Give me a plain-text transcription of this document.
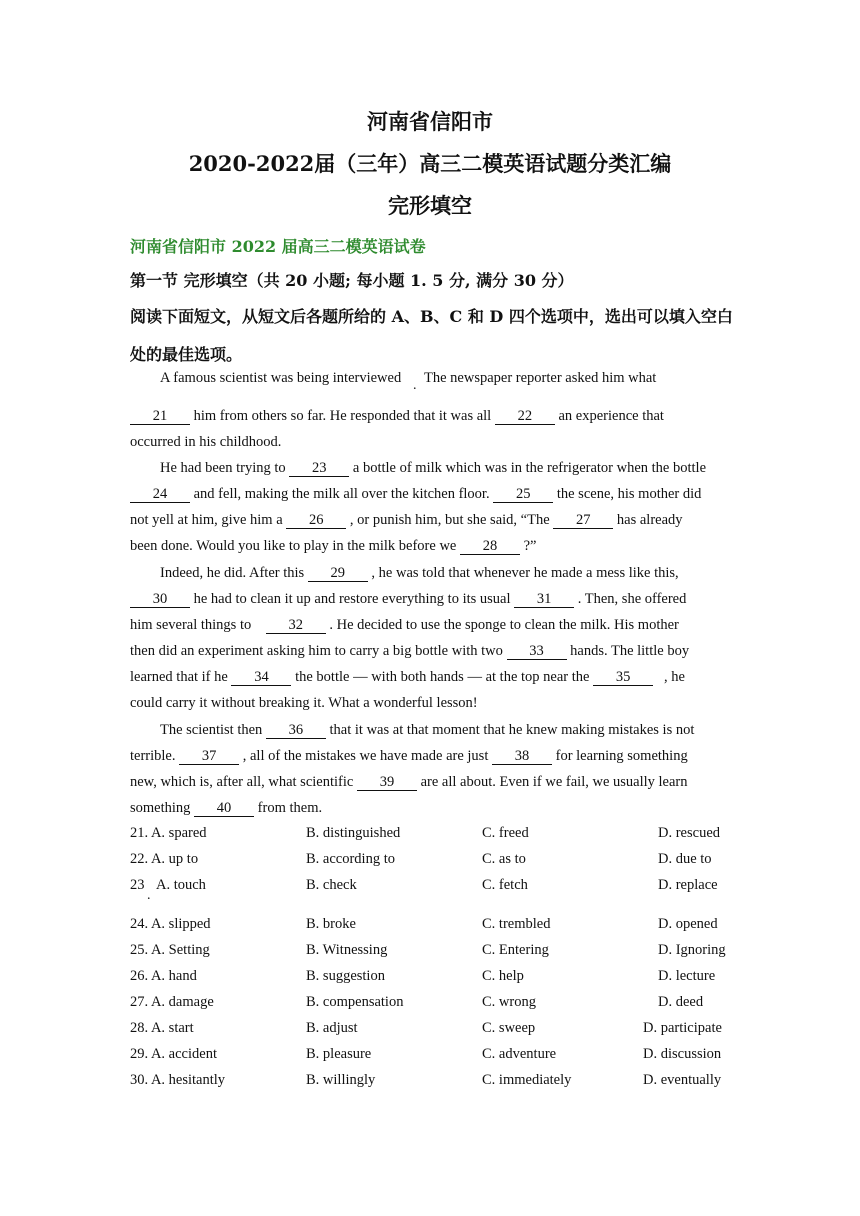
河南省信阳市
2020-2022届（三年）高三二模英语试题分类汇编
完形填空
河南省信阳市 2022 届高三二模英语试卷
第一节 完形填空（共 20 小题; 每小题 1. 5 分, 满分 30 分）
阅读下面短文，从短文后各题所给的 A、B、C 和 D 四个选项中，选出可以填入空白处的最佳选项。
A famous scientist was being interviewed The newspaper reporter asked him what
.
21 him from others so far. He responded that it was all 22 an experience that
occurred in his childhood.
He had been trying to 23 a bottle of milk which was in the refrigerator when the bottle
24 and fell, making the milk all over the kitchen floor. 25 the scene, his mother did
not yell at him, give him a 26 , or punish him, but she said, “The 27 has already
been done. Would you like to play in the milk before we 28 ?”
Indeed, he did. After this 29 , he was told that whenever he made a mess like this,
30 he had to clean it up and restore everything to its usual 31 . Then, she offered
him several things to	32 . He decided to use the sponge to clean the milk. His mother
then did an experiment asking him to carry a big bottle with two 33 hands. The little boy
learned that if he 34 the bottle — with both hands — at the top near the 35 , he
could carry it without breaking it. What a wonderful lesson!
The scientist then 36 that it was at that moment that he knew making mistakes is not
terrible. 37 , all of the mistakes we have made are just 38 for learning something
new, which is, after all, what scientific 39 are all about. Even if we fail, we usually learn
something 40 from them.
21. A. spared	B. distinguished	C. freed	D. rescued
22. A. up to	B. according to	C. as to	D. due to
23
.
A. touch	B. check	C. fetch	D. replace
24. A. slipped	B. broke	C. trembled	D. opened
25. A. Setting	B. Witnessing	C. Entering	D. Ignoring
26. A. hand	B. suggestion	C. help	D. lecture
27. A. damage	B. compensation	C. wrong	D. deed
28. A. start	B. adjust	C. sweep	D. participate
29. A. accident	B. pleasure	C. adventure	D. discussion
30. A. hesitantly	B. willingly	C. immediately	D. eventually
